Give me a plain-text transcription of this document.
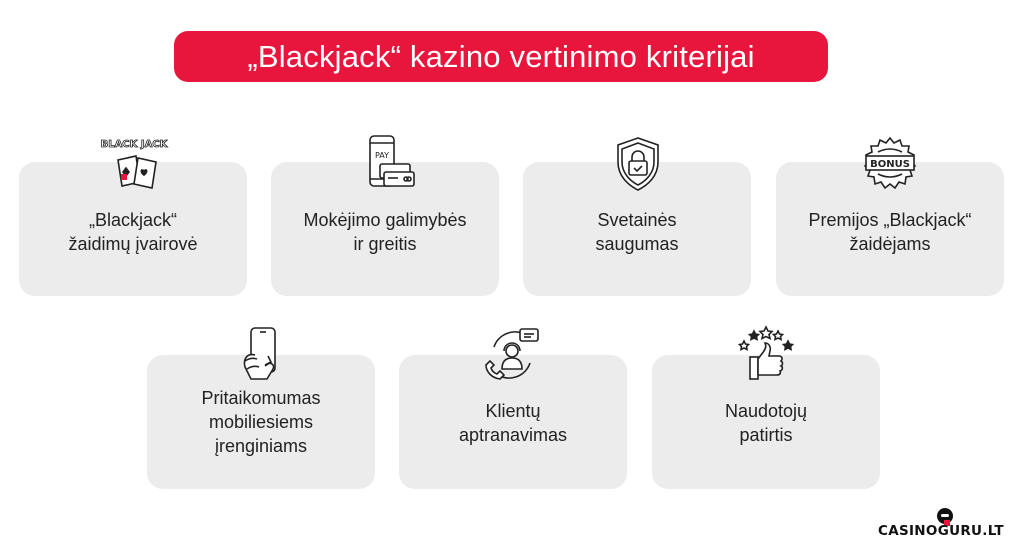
„Blackjack“ kazino vertinimo kriterijai
„Blackjack“
žaidimų įvairovė
BLACK JACK
Mokėjimo galimybės
ir greitis
PAY
Svetainės
saugumas
Premijos „Blackjack“
žaidėjams
BONUS
Pritaikomumas
mobiliesiems
įrenginiams
Klientų
aptranavimas
Naudotojų
patirtis
CASINOGURU.LT
